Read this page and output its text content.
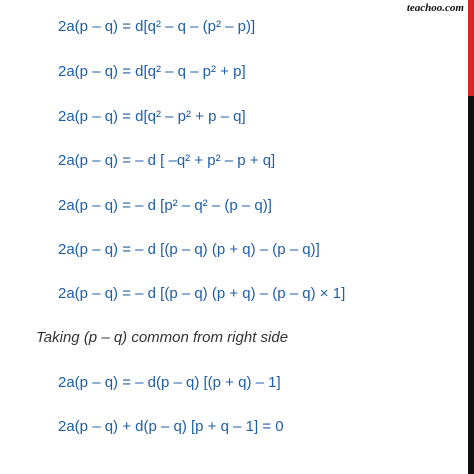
teachoo.com
2a(p – q) = d[q² – q – (p² – p)]
2a(p – q) = d[q² – q – p² + p]
2a(p – q) = d[q² – p² + p – q]
2a(p – q) = – d [ –q² + p² – p + q]
2a(p – q) = – d [p² – q² – (p – q)]
2a(p – q) = – d [(p – q) (p + q) – (p – q)]
2a(p – q) = – d [(p – q) (p + q) – (p – q) × 1]
Taking (p – q) common from right side
2a(p – q) = – d(p – q) [(p + q) – 1]
2a(p – q) + d(p – q) [p + q – 1] = 0
